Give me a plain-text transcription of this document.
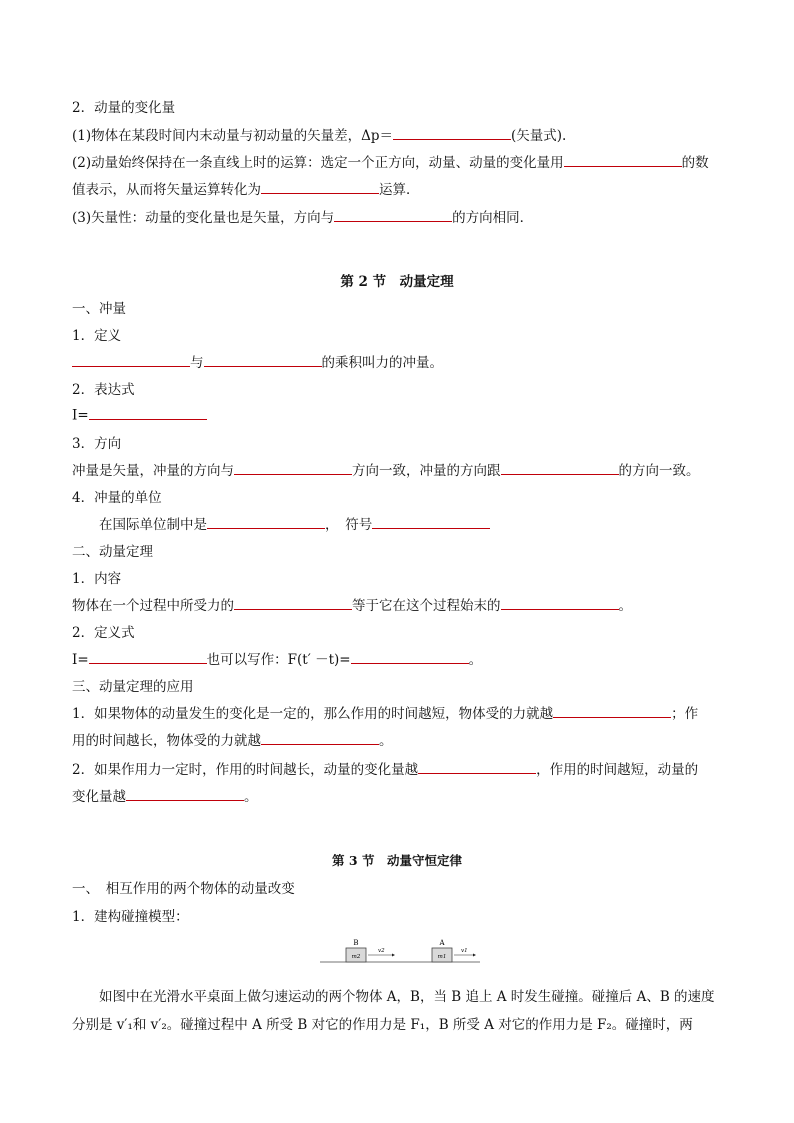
2．动量的变化量
(1)物体在某段时间内末动量与初动量的矢量差，Δp＝	(矢量式).
(2)动量始终保持在一条直线上时的运算：选定一个正方向，动量、动量的变化量用	的数
值表示，从而将矢量运算转化为	运算．
(3)矢量性：动量的变化量也是矢量，方向与	的方向相同．
第 2 节　动量定理
一、冲量
1．定义
与	的乘积叫力的冲量。
2．表达式
I=
3．方向
冲量是矢量，冲量的方向与	方向一致，冲量的方向跟	的方向一致。
4．冲量的单位
在国际单位制中是	，　符号
二、动量定理
1．内容
物体在一个过程中所受力的	等于它在这个过程始末的	。
2．定义式
I=	也可以写作：F(t′ －t)=	。
三、动量定理的应用
1．如果物体的动量发生的变化是一定的，那么作用的时间越短，物体受的力就越	；作
用的时间越长，物体受的力就越	。
2．如果作用力一定时，作用的时间越长，动量的变化量越	，作用的时间越短，动量的
变化量越	。
第 3 节　动量守恒定律
一、　相互作用的两个物体的动量改变
1．建构碰撞模型：
B
m2
v2
A
m1
v1
如图中在光滑水平桌面上做匀速运动的两个物体 A，B，当 B 追上 A 时发生碰撞。碰撞后 A、B 的速度
分别是 v′₁和 v′₂。碰撞过程中 A 所受 B 对它的作用力是 F₁，B 所受 A 对它的作用力是 F₂。碰撞时，两
